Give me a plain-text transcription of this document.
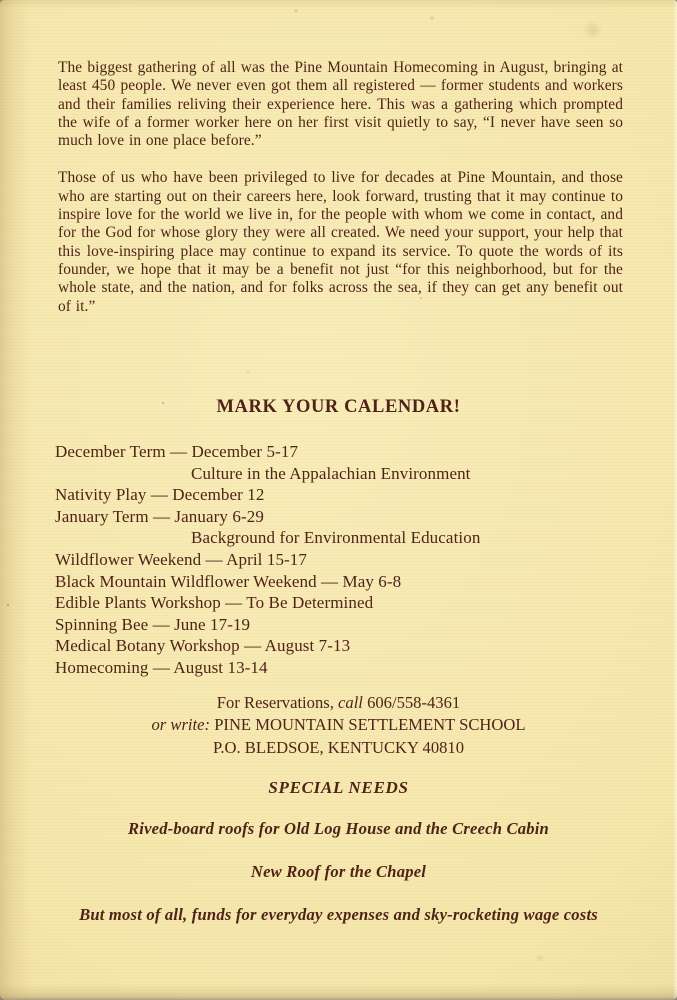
The biggest gathering of all was the Pine Mountain Homecoming in August, bringing at least 450 people. We never even got them all registered — former students and workers and their families reliving their experience here. This was a gathering which prompted the wife of a former worker here on her first visit quietly to say, “I never have seen so much love in one place before.”

Those of us who have been privileged to live for decades at Pine Mountain, and those who are starting out on their careers here, look forward, trusting that it may continue to inspire love for the world we live in, for the people with whom we come in contact, and for the God for whose glory they were all created. We need your support, your help that this love-inspiring place may continue to expand its service. To quote the words of its founder, we hope that it may be a benefit not just “for this neighborhood, but for the whole state, and the nation, and for folks across the sea, if they can get any benefit out of it.”

MARK YOUR CALENDAR!
December Term — December 5-17
Culture in the Appalachian Environment
Nativity Play — December 12
January Term — January 6-29
Background for Environmental Education
Wildflower Weekend — April 15-17
Black Mountain Wildflower Weekend — May 6-8
Edible Plants Workshop — To Be Determined
Spinning Bee — June 17-19
Medical Botany Workshop — August 7-13
Homecoming — August 13-14

For Reservations, call 606/558-4361

or write: PINE MOUNTAIN SETTLEMENT SCHOOL

P.O. BLEDSOE, KENTUCKY 40810

SPECIAL NEEDS

Rived-board roofs for Old Log House and the Creech Cabin

New Roof for the Chapel

But most of all, funds for everyday expenses and sky-rocketing wage costs
